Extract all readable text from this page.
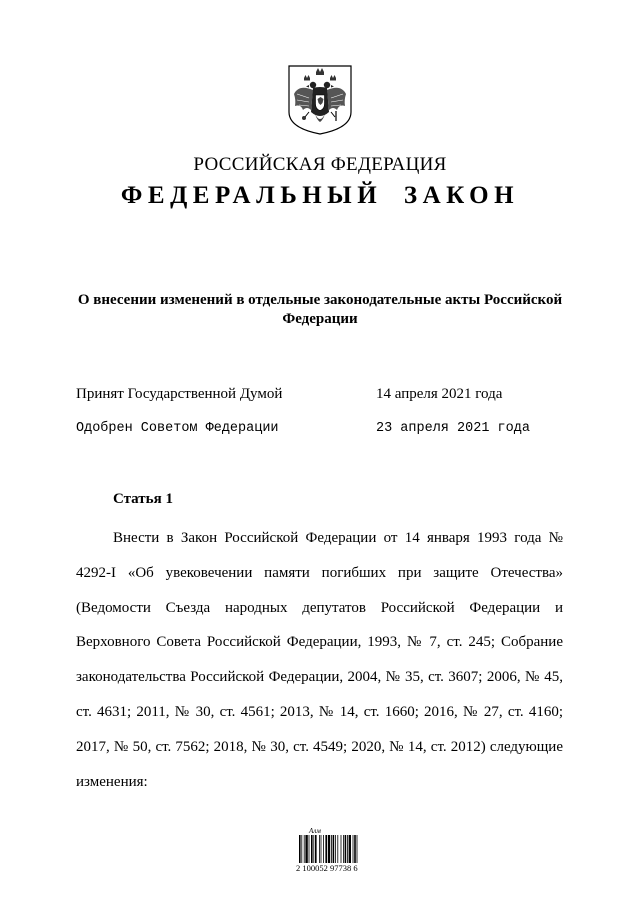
РОССИЙСКАЯ ФЕДЕРАЦИЯ
ФЕДЕРАЛЬНЫЙ ЗАКОН
О внесении изменений в отдельные законодательные акты Российской Федерации
Принят Государственной Думой	14 апреля 2021 года
Одобрен Советом Федерации	23 апреля 2021 года
Статья 1

Внести в Закон Российской Федерации от 14 января 1993 года № 4292-I «Об увековечении памяти погибших при защите Отечества» (Ведомости Съезда народных депутатов Российской Федерации и Верховного Совета Российской Федерации, 1993, № 7, ст. 245; Собрание законодательства Российской Федерации, 2004, № 35, ст. 3607; 2006, № 45, ст. 4631; 2011, № 30, ст. 4561; 2013, № 14, ст. 1660; 2016, № 27, ст. 4160; 2017, № 50, ст. 7562; 2018, № 30, ст. 4549; 2020, № 14, ст. 2012) следующие изменения:

Алм
2 100052 97738 6
